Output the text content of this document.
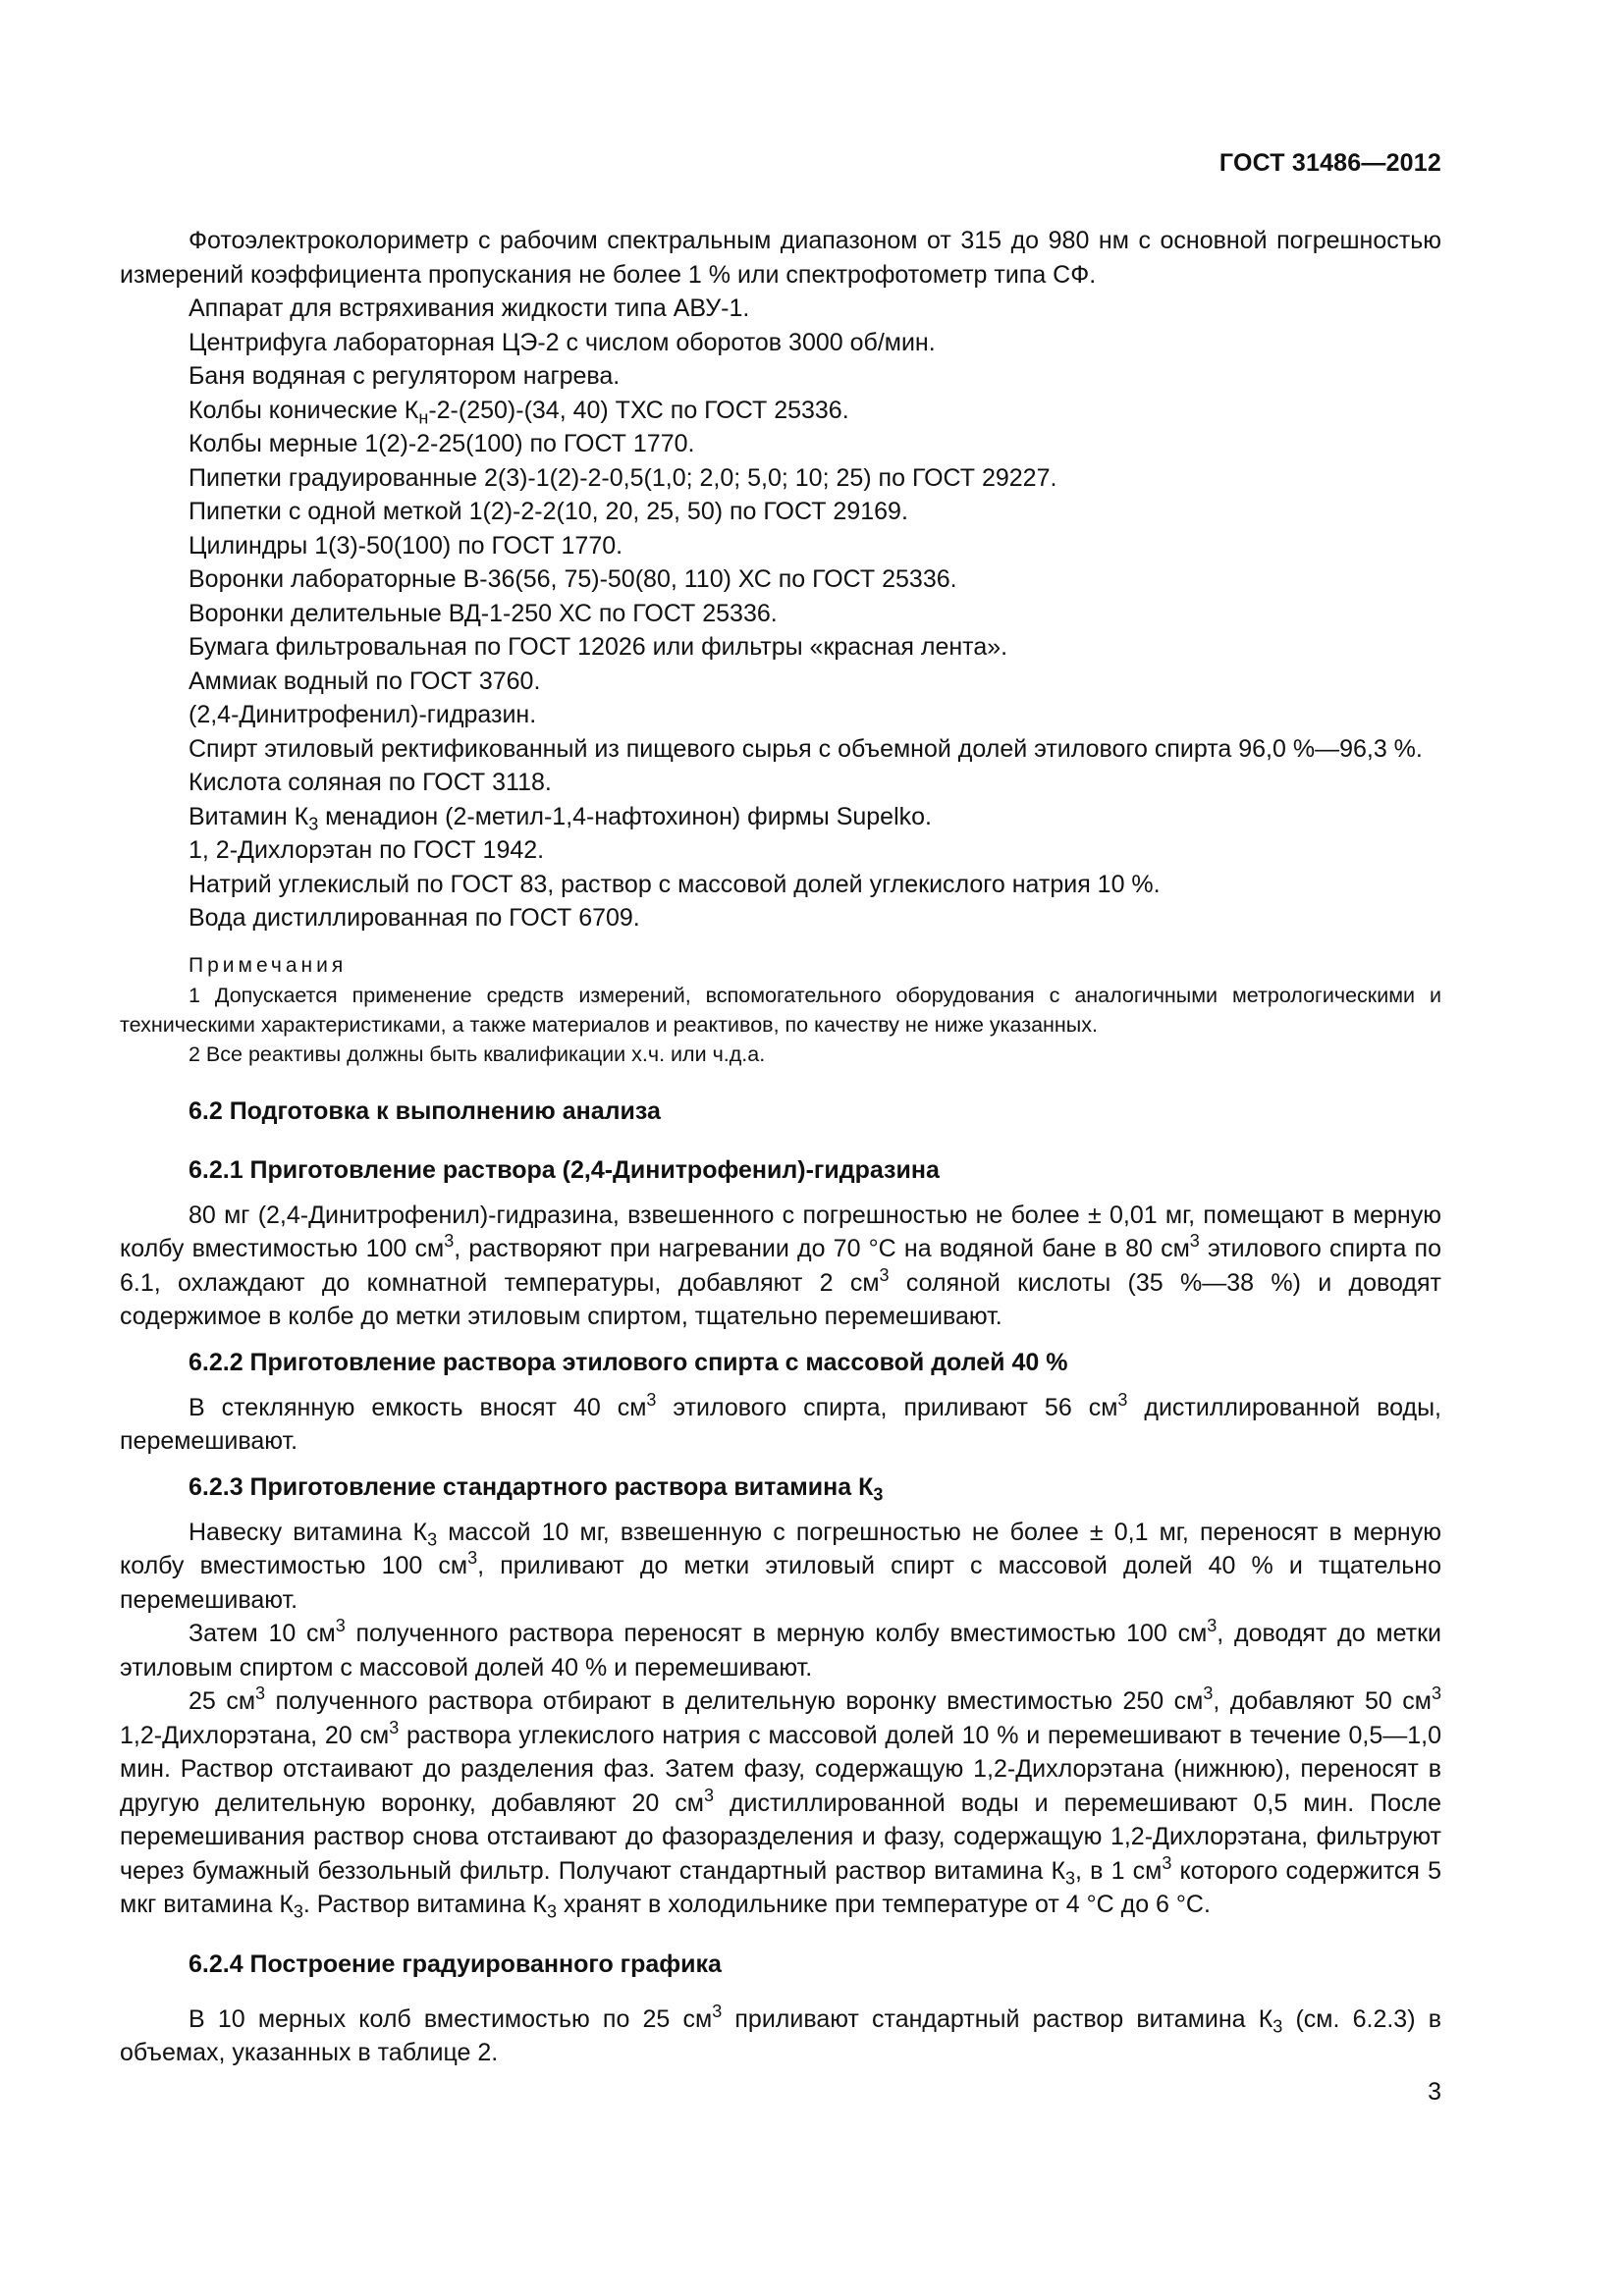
ГОСТ 31486—2012

Фотоэлектроколориметр с рабочим спектральным диапазоном от 315 до 980 нм с основной погрешностью измерений коэффициента пропускания не более 1 % или спектрофотометр типа СФ.

Аппарат для встряхивания жидкости типа АВУ-1.

Центрифуга лабораторная ЦЭ-2 с числом оборотов 3000 об/мин.

Баня водяная с регулятором нагрева.

Колбы конические $К_н-2-(250)-(34$, 40) ТХС по ГОСТ 25336.

Колбы мерные 1(2)-2-25(100) по ГОСТ 1770.

Пипетки градуированные 2(3)-1(2)-2-0,5(1,0; 2,0; 5,0; 10; 25) по ГОСТ 29227.

Пипетки с одной меткой 1(2)-2-2(10, 20, 25, 50) по ГОСТ 29169.

Цилиндры 1(3)-50(100) по ГОСТ 1770.

Воронки лабораторные В-36(56, 75)-50(80, 110) ХС по ГОСТ 25336.

Воронки делительные ВД-1-250 ХС по ГОСТ 25336.

Бумага фильтровальная по ГОСТ 12026 или фильтры «красная лента».

Аммиак водный по ГОСТ 3760.

(2,4-Динитрофенил)-гидразин.

Спирт этиловый ректификованный из пищевого сырья с объемной долей этилового спирта 96,0 %—96,3 %.

Кислота соляная по ГОСТ 3118.

Витамин $К_3$ менадион (2-метил-1,4-нафтохинон) фирмы Supelko.

1, 2-Дихлорэтан по ГОСТ 1942.

Натрий углекислый по ГОСТ 83, раствор с массовой долей углекислого натрия 10 %.

Вода дистиллированная по ГОСТ 6709.

Примечания

1 Допускается применение средств измерений, вспомогательного оборудования с аналогичными метрологическими и техническими характеристиками, а также материалов и реактивов, по качеству не ниже указанных.

2 Все реактивы должны быть квалификации х.ч. или ч.д.а.

6.2 Подготовка к выполнению анализа

6.2.1 Приготовление раствора (2,4-Динитрофенил)-гидразина

80 мг (2,4-Динитрофенил)-гидразина, взвешенного с погрешностью не более ± 0,01 мг, помещают в мерную колбу вместимостью 100 $см^3$, растворяют при нагревании до 70 °С на водяной бане в 80 $см^3$ этилового спирта по 6.1, охлаждают до комнатной температуры, добавляют 2 $см^3$ соляной кислоты (35 %—38 %) и доводят содержимое в колбе до метки этиловым спиртом, тщательно перемешивают.

6.2.2 Приготовление раствора этилового спирта с массовой долей 40 %

В стеклянную емкость вносят 40 $см^3$ этилового спирта, приливают 56 $см^3$ дистиллированной воды, перемешивают.

6.2.3 Приготовление стандартного раствора витамина $К_3$

Навеску витамина $К_3$ массой 10 мг, взвешенную с погрешностью не более ± 0,1 мг, переносят в мерную колбу вместимостью 100 $см^3$, приливают до метки этиловый спирт с массовой долей 40 % и тщательно перемешивают.

Затем 10 $см^3$ полученного раствора переносят в мерную колбу вместимостью 100 $см^3$, доводят до метки этиловым спиртом с массовой долей 40 % и перемешивают.

25 $см^3$ полученного раствора отбирают в делительную воронку вместимостью 250 $см^3$, добавляют 50 $см^3$ 1,2-Дихлорэтана, 20 $см^3$ раствора углекислого натрия с массовой долей 10 % и перемешивают в течение 0,5—1,0 мин. Раствор отстаивают до разделения фаз. Затем фазу, содержащую 1,2-Дихлорэтана (нижнюю), переносят в другую делительную воронку, добавляют 20 $см^3$ дистиллированной воды и перемешивают 0,5 мин. После перемешивания раствор снова отстаивают до фазоразделения и фазу, содержащую 1,2-Дихлорэтана, фильтруют через бумажный беззольный фильтр. Получают стандартный раствор витамина $К_3$, в 1 $см^3$ которого содержится 5 мкг витамина $К_3$. Раствор витамина $К_3$ хранят в холодильнике при температуре от 4 °С до 6 °С.

6.2.4 Построение градуированного графика

В 10 мерных колб вместимостью по 25 $см^3$ приливают стандартный раствор витамина $К_3$ (см. 6.2.3) в объемах, указанных в таблице 2.

3
